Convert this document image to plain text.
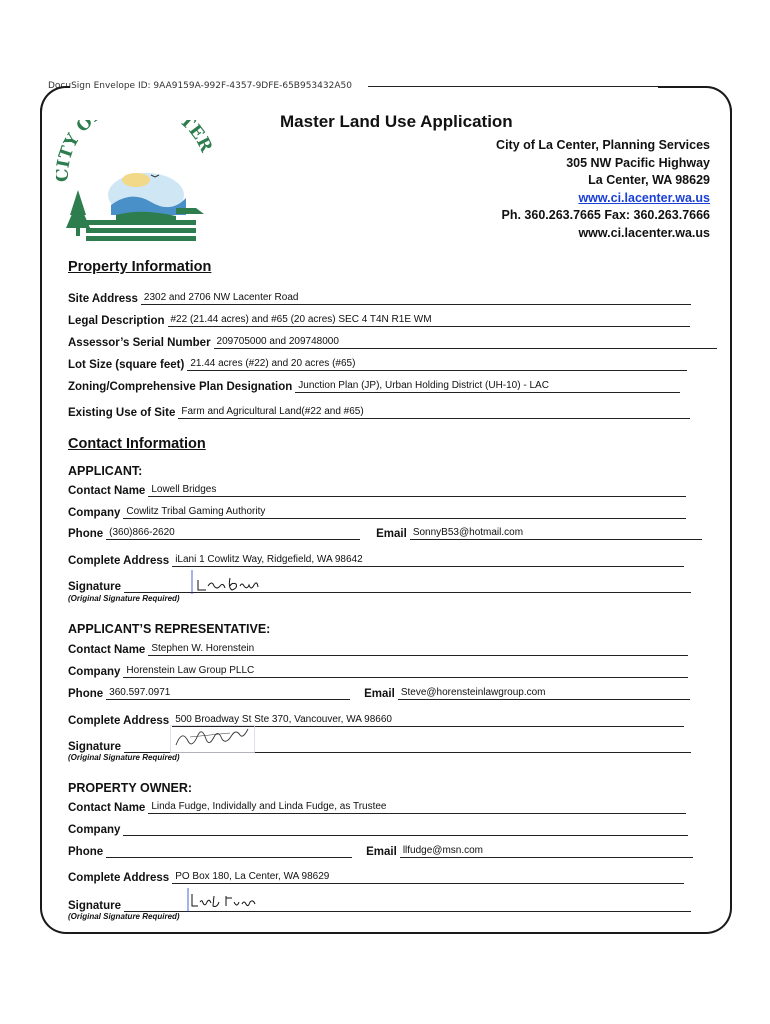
DocuSign Envelope ID: 9AA9159A-992F-4357-9DFE-65B953432A50
TY O TER
Master Land Use Application
City of La Center, Planning Services
305 NW Pacific Highway
La Center, WA 98629
www.ci.lacenter.wa.us
Ph. 360.263.7665 Fax: 360.263.7666
www.ci.lacenter.wa.us
Property Information
Site Address 2302 and 2706 NW Lacenter Road
Legal Description #22 (21.44 acres) and #65 (20 acres) SEC 4 T4N R1E WM
Assessor’s Serial Number 209705000 and 209748000
Lot Size (square feet) 21.44 acres (#22) and 20 acres (#65)
Zoning/Comprehensive Plan Designation Junction Plan (JP), Urban Holding District (UH-10) - LAC
Existing Use of Site Farm and Agricultural Land(#22 and #65)
Contact Information
APPLICANT:
Contact Name Lowell Bridges
Company Cowlitz Tribal Gaming Authority
Phone (360)866-2620	Email SonnyB53@hotmail.com
Complete Address iLani 1 Cowlitz Way, Ridgefield, WA 98642
Signature
(Original Signature Required)
APPLICANT’S REPRESENTATIVE:
Contact Name Stephen W. Horenstein
Company Horenstein Law Group PLLC
Phone 360.597.0971	Email Steve@horensteinlawgroup.com
Complete Address 500 Broadway St Ste 370, Vancouver, WA 98660
Signature
(Original Signature Required)
PROPERTY OWNER:
Contact Name Linda Fudge, Individally and Linda Fudge, as Trustee
Company
Phone	Email llfudge@msn.com
Complete Address PO Box 180, La Center, WA 98629
Signature
(Original Signature Required)
